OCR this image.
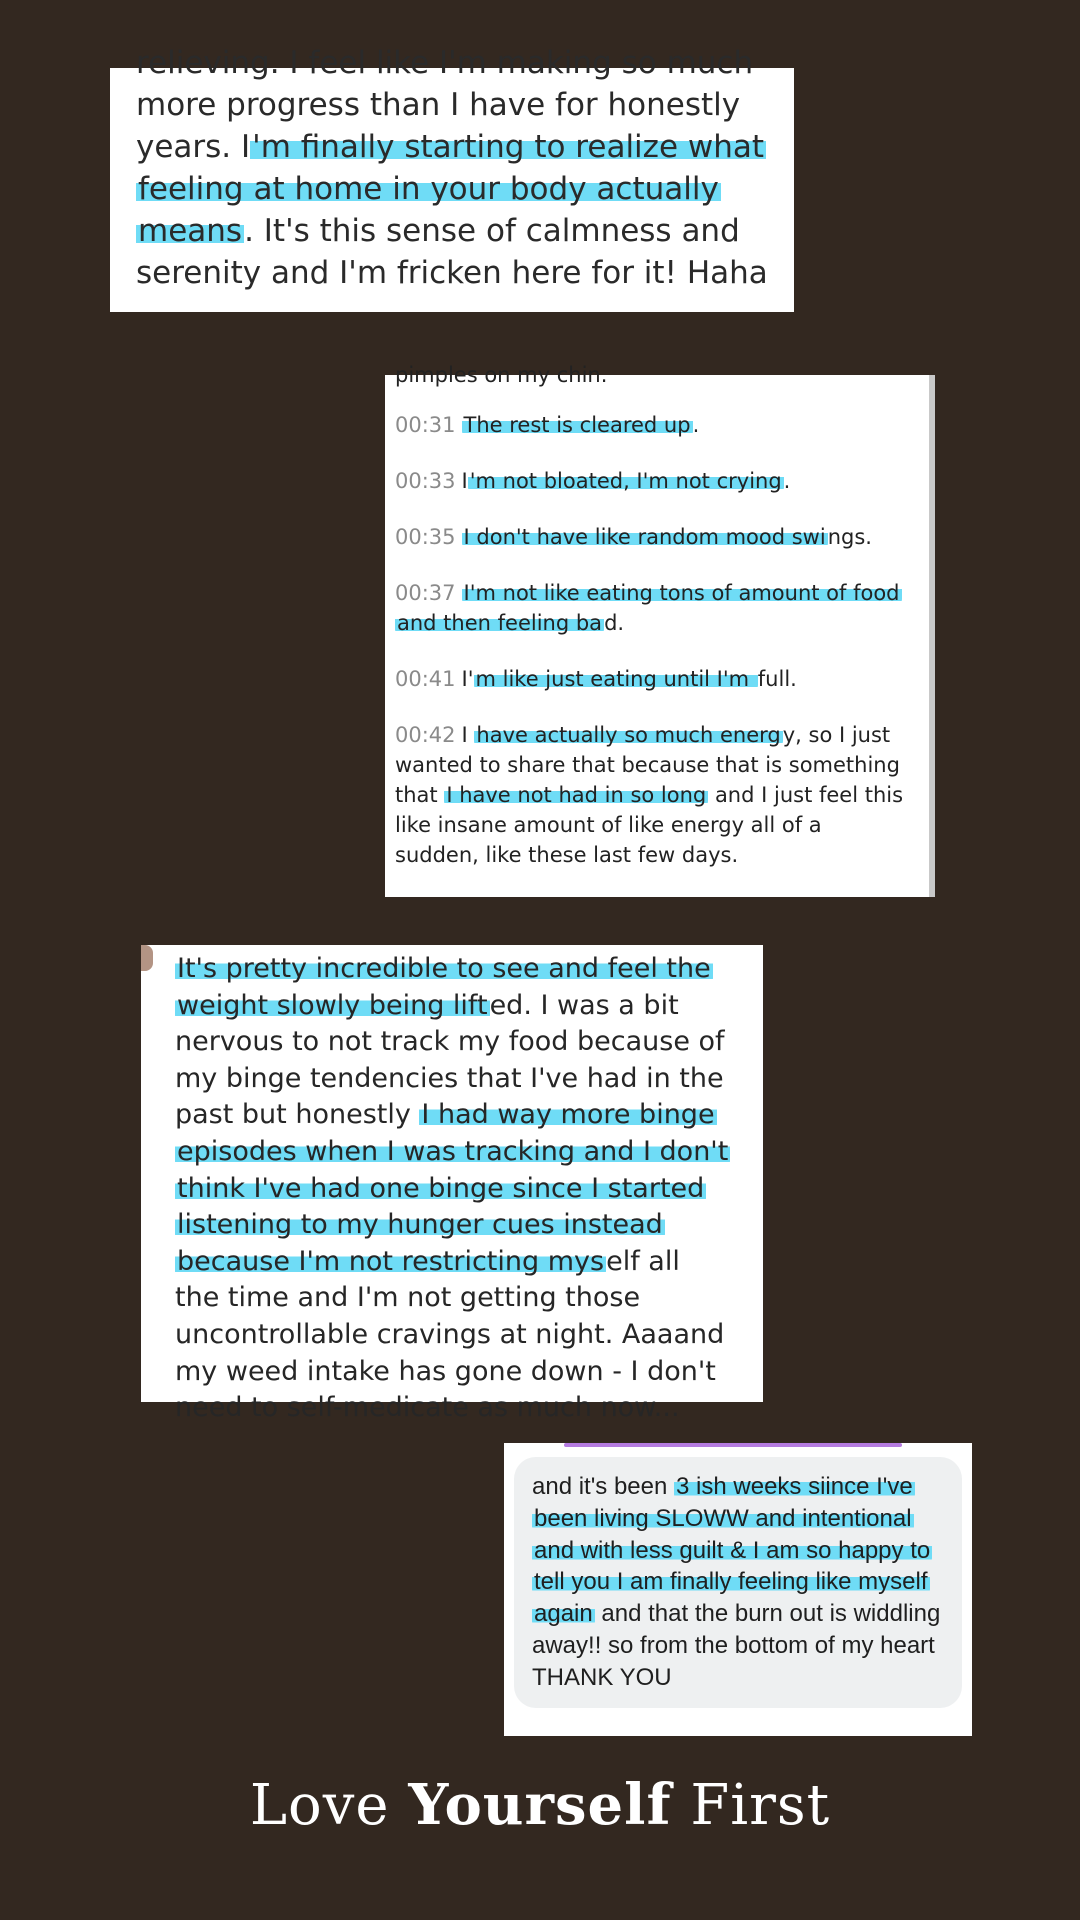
relieving. I feel like I'm making so much
more progress than I have for honestly years. I'm finally starting to realize what feeling at home in your body actually means. It's this sense of calmness and serenity and I'm fricken here for it! Haha
pimples on my chin.
00:31 The rest is cleared up.
00:33 I'm not bloated, I'm not crying.
00:35 I don't have like random mood swings.
00:37 I'm not like eating tons of amount of food and then feeling bad.
00:41 I'm like just eating until I'm full.
00:42 I have actually so much energy, so I just wanted to share that because that is something that I have not had in so long and I just feel this like insane amount of like energy all of a sudden, like these last few days.
It's pretty incredible to see and feel the weight slowly being lifted. I was a bit nervous to not track my food because of my binge tendencies that I've had in the past but honestly I had way more binge episodes when I was tracking and I don't think I've had one binge since I started listening to my hunger cues instead because I'm not restricting myself all the time and I'm not getting those uncontrollable cravings at night. Aaaand my weed intake has gone down - I don't
need to self-medicate as much now...
and it's been 3 ish weeks siince I've been living SLOWW and intentional and with less guilt & I am so happy to tell you I am finally feeling like myself again and that the burn out is widdling away!! so from the bottom of my heart THANK YOU
Love Yourself First
